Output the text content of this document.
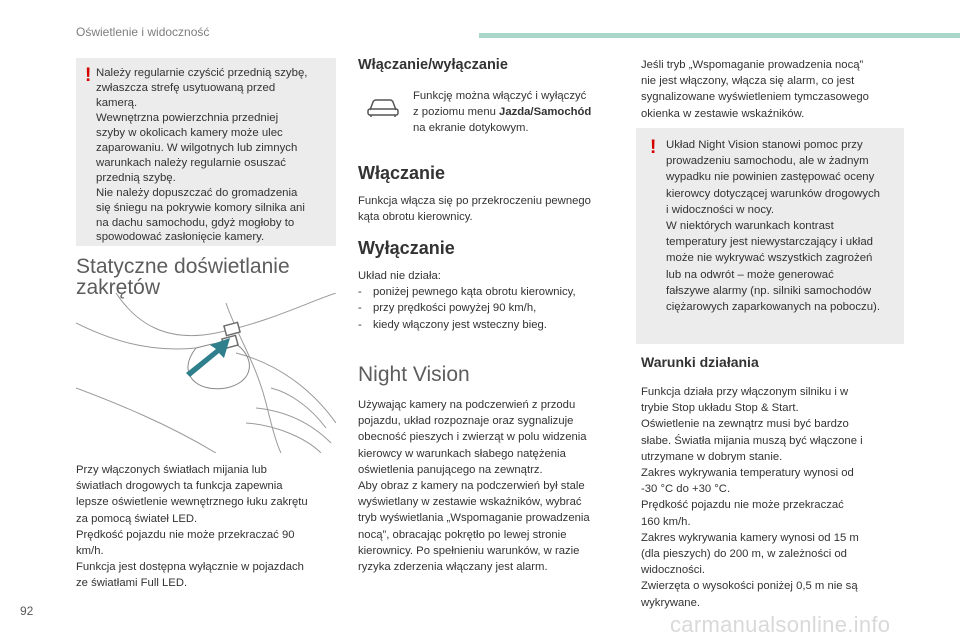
Oświetlenie i widoczność
! Należy regularnie czyścić przednią szybę,
zwłaszcza strefę usytuowaną przed
kamerą.
Wewnętrzna powierzchnia przedniej
szyby w okolicach kamery może ulec
zaparowaniu. W wilgotnych lub zimnych
warunkach należy regularnie osuszać
przednią szybę.
Nie należy dopuszczać do gromadzenia
się śniegu na pokrywie komory silnika ani
na dachu samochodu, gdyż mogłoby to
spowodować zasłonięcie kamery.
Statyczne doświetlanie
zakrętów
Przy włączonych światłach mijania lub
światłach drogowych ta funkcja zapewnia
lepsze oświetlenie wewnętrznego łuku zakrętu
za pomocą świateł LED.
Prędkość pojazdu nie może przekraczać 90
km/h.
Funkcja jest dostępna wyłącznie w pojazdach
ze światłami Full LED.
Włączanie/wyłączanie
Funkcję można włączyć i wyłączyć
z poziomu menu Jazda/Samochód
na ekranie dotykowym.
Włączanie
Funkcja włącza się po przekroczeniu pewnego
kąta obrotu kierownicy.
Wyłączanie
Układ nie działa:
- poniżej pewnego kąta obrotu kierownicy,
- przy prędkości powyżej 90 km/h,
- kiedy włączony jest wsteczny bieg.
Night Vision
Używając kamery na podczerwień z przodu
pojazdu, układ rozpoznaje oraz sygnalizuje
obecność pieszych i zwierząt w polu widzenia
kierowcy w warunkach słabego natężenia
oświetlenia panującego na zewnątrz.
Aby obraz z kamery na podczerwień był stale
wyświetlany w zestawie wskaźników, wybrać
tryb wyświetlania „Wspomaganie prowadzenia
nocą”, obracając pokrętło po lewej stronie
kierownicy. Po spełnieniu warunków, w razie
ryzyka zderzenia włączany jest alarm.
Jeśli tryb „Wspomaganie prowadzenia nocą”
nie jest włączony, włącza się alarm, co jest
sygnalizowane wyświetleniem tymczasowego
okienka w zestawie wskaźników.
! Układ Night Vision stanowi pomoc przy
prowadzeniu samochodu, ale w żadnym
wypadku nie powinien zastępować oceny
kierowcy dotyczącej warunków drogowych
i widoczności w nocy.
W niektórych warunkach kontrast
temperatury jest niewystarczający i układ
może nie wykrywać wszystkich zagrożeń
lub na odwrót – może generować
fałszywe alarmy (np. silniki samochodów
ciężarowych zaparkowanych na poboczu).
Warunki działania
Funkcja działa przy włączonym silniku i w
trybie Stop układu Stop & Start.
Oświetlenie na zewnątrz musi być bardzo
słabe. Światła mijania muszą być włączone i
utrzymane w dobrym stanie.
Zakres wykrywania temperatury wynosi od
-30 °C do +30 °C.
Prędkość pojazdu nie może przekraczać
160 km/h.
Zakres wykrywania kamery wynosi od 15 m
(dla pieszych) do 200 m, w zależności od
widoczności.
Zwierzęta o wysokości poniżej 0,5 m nie są
wykrywane.
92
carmanualsonline.info
